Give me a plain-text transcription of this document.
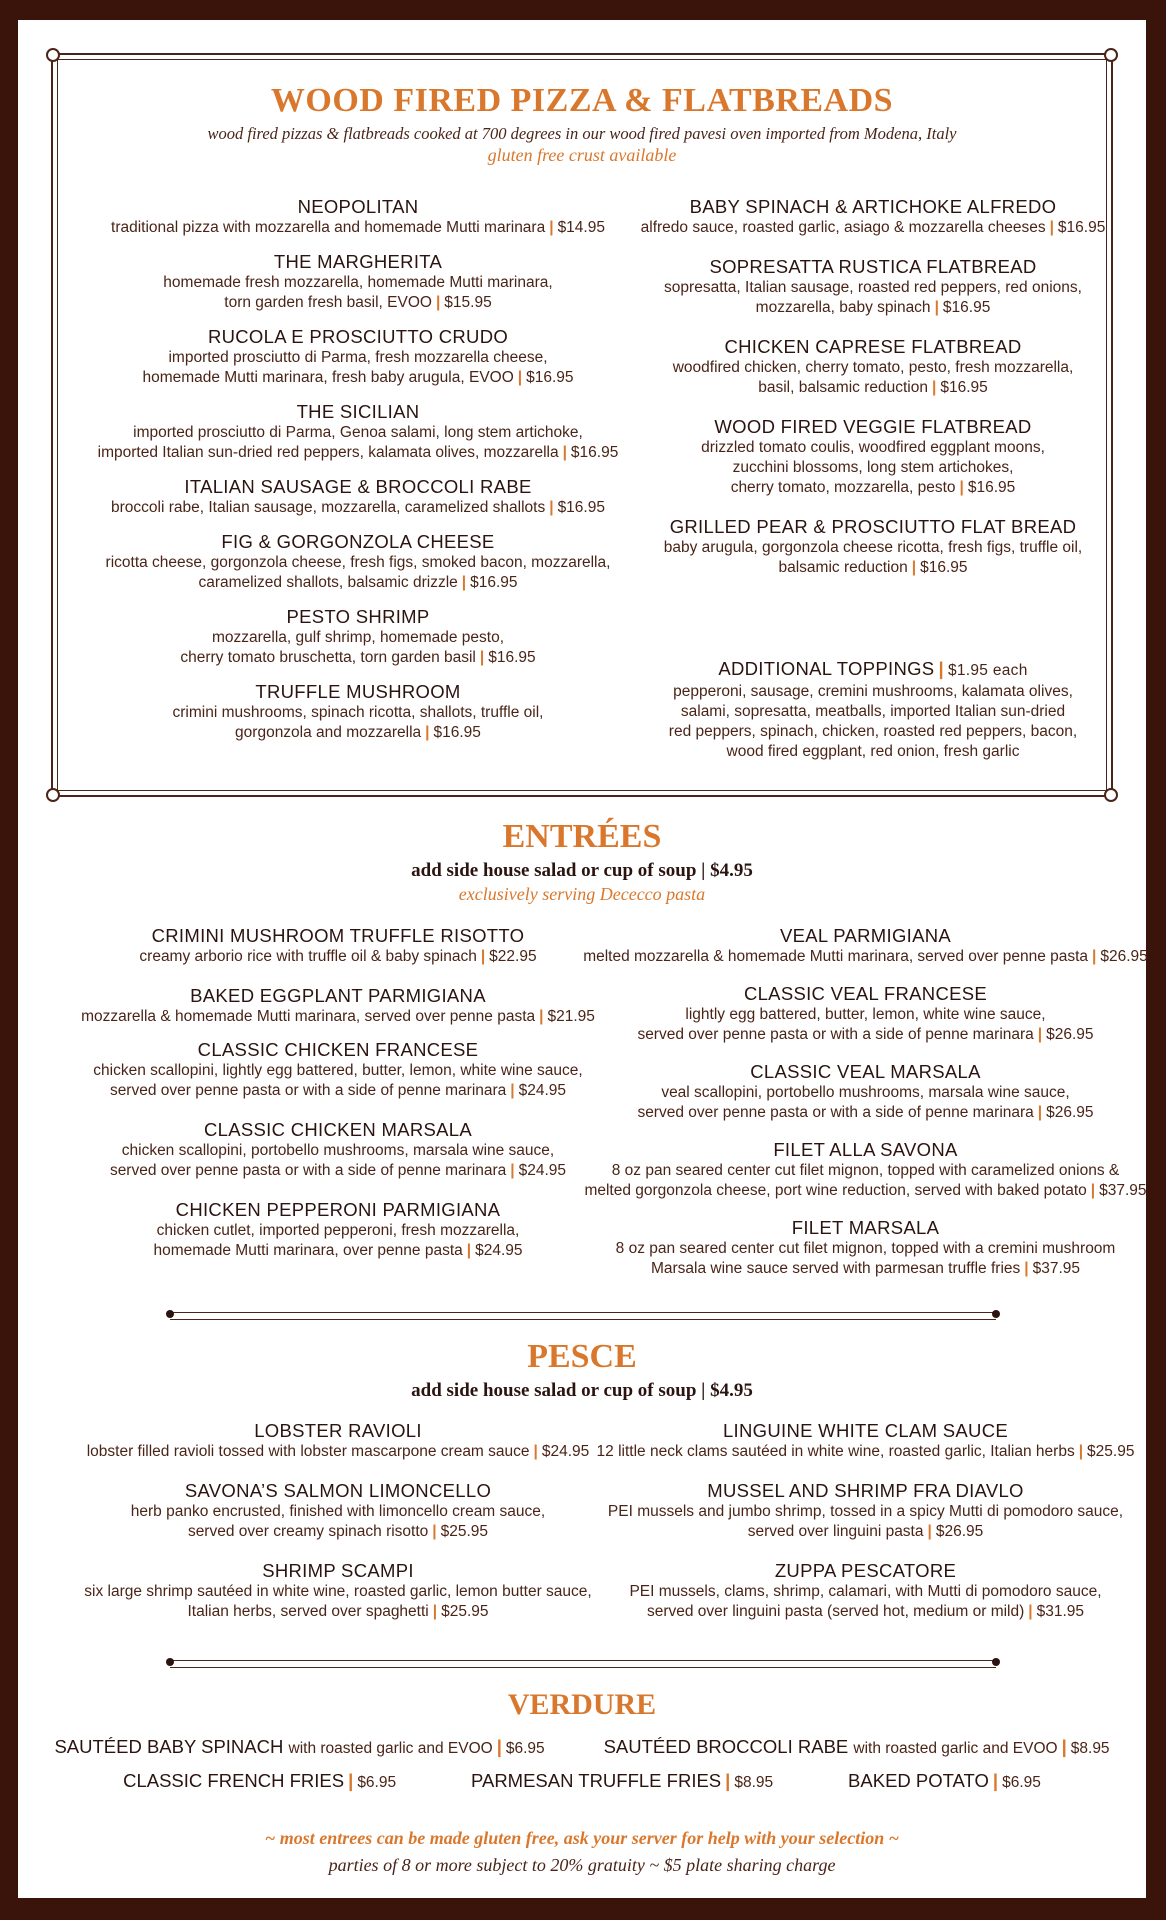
WOOD FIRED PIZZA & FLATBREADS
wood fired pizzas & flatbreads cooked at 700 degrees in our wood fired pavesi oven imported from Modena, Italy
gluten free crust available
NEOPOLITAN
traditional pizza with mozzarella and homemade Mutti marinara | $14.95
THE MARGHERITA
homemade fresh mozzarella, homemade Mutti marinara,
torn garden fresh basil, EVOO | $15.95
RUCOLA E PROSCIUTTO CRUDO
imported prosciutto di Parma, fresh mozzarella cheese,
homemade Mutti marinara, fresh baby arugula, EVOO | $16.95
THE SICILIAN
imported prosciutto di Parma, Genoa salami, long stem artichoke,
imported Italian sun-dried red peppers, kalamata olives, mozzarella | $16.95
ITALIAN SAUSAGE & BROCCOLI RABE
broccoli rabe, Italian sausage, mozzarella, caramelized shallots | $16.95
FIG & GORGONZOLA CHEESE
ricotta cheese, gorgonzola cheese, fresh figs, smoked bacon, mozzarella,
caramelized shallots, balsamic drizzle | $16.95
PESTO SHRIMP
mozzarella, gulf shrimp, homemade pesto,
cherry tomato bruschetta, torn garden basil | $16.95
TRUFFLE MUSHROOM
crimini mushrooms, spinach ricotta, shallots, truffle oil,
gorgonzola and mozzarella | $16.95
BABY SPINACH & ARTICHOKE ALFREDO
alfredo sauce, roasted garlic, asiago & mozzarella cheeses | $16.95
SOPRESATTA RUSTICA FLATBREAD
sopresatta, Italian sausage, roasted red peppers, red onions,
mozzarella, baby spinach | $16.95
CHICKEN CAPRESE FLATBREAD
woodfired chicken, cherry tomato, pesto, fresh mozzarella,
basil, balsamic reduction | $16.95
WOOD FIRED VEGGIE FLATBREAD
drizzled tomato coulis, woodfired eggplant moons,
zucchini blossoms, long stem artichokes,
cherry tomato, mozzarella, pesto | $16.95
GRILLED PEAR & PROSCIUTTO FLAT BREAD
baby arugula, gorgonzola cheese ricotta, fresh figs, truffle oil,
balsamic reduction | $16.95
ADDITIONAL TOPPINGS | $1.95 each
pepperoni, sausage, cremini mushrooms, kalamata olives,
salami, sopresatta, meatballs, imported Italian sun-dried
red peppers, spinach, chicken, roasted red peppers, bacon,
wood fired eggplant, red onion, fresh garlic
ENTRÉES
add side house salad or cup of soup | $4.95
exclusively serving Dececco pasta
CRIMINI MUSHROOM TRUFFLE RISOTTO
creamy arborio rice with truffle oil & baby spinach | $22.95
BAKED EGGPLANT PARMIGIANA
mozzarella & homemade Mutti marinara, served over penne pasta | $21.95
CLASSIC CHICKEN FRANCESE
chicken scallopini, lightly egg battered, butter, lemon, white wine sauce,
served over penne pasta or with a side of penne marinara | $24.95
CLASSIC CHICKEN MARSALA
chicken scallopini, portobello mushrooms, marsala wine sauce,
served over penne pasta or with a side of penne marinara | $24.95
CHICKEN PEPPERONI PARMIGIANA
chicken cutlet, imported pepperoni, fresh mozzarella,
homemade Mutti marinara, over penne pasta | $24.95
VEAL PARMIGIANA
melted mozzarella & homemade Mutti marinara, served over penne pasta | $26.95
CLASSIC VEAL FRANCESE
lightly egg battered, butter, lemon, white wine sauce,
served over penne pasta or with a side of penne marinara | $26.95
CLASSIC VEAL MARSALA
veal scallopini, portobello mushrooms, marsala wine sauce,
served over penne pasta or with a side of penne marinara | $26.95
FILET ALLA SAVONA
8 oz pan seared center cut filet mignon, topped with caramelized onions &
melted gorgonzola cheese, port wine reduction, served with baked potato | $37.95
FILET MARSALA
8 oz pan seared center cut filet mignon, topped with a cremini mushroom
Marsala wine sauce served with parmesan truffle fries | $37.95
PESCE
add side house salad or cup of soup | $4.95
LOBSTER RAVIOLI
lobster filled ravioli tossed with lobster mascarpone cream sauce | $24.95
SAVONA’S SALMON LIMONCELLO
herb panko encrusted, finished with limoncello cream sauce,
served over creamy spinach risotto | $25.95
SHRIMP SCAMPI
six large shrimp sautéed in white wine, roasted garlic, lemon butter sauce,
Italian herbs, served over spaghetti | $25.95
LINGUINE WHITE CLAM SAUCE
12 little neck clams sautéed in white wine, roasted garlic, Italian herbs | $25.95
MUSSEL AND SHRIMP FRA DIAVLO
PEI mussels and jumbo shrimp, tossed in a spicy Mutti di pomodoro sauce,
served over linguini pasta | $26.95
ZUPPA PESCATORE
PEI mussels, clams, shrimp, calamari, with Mutti di pomodoro sauce,
served over linguini pasta (served hot, medium or mild) | $31.95
VERDURE
SAUTÉED BABY SPINACH with roasted garlic and EVOO | $6.95	SAUTÉED BROCCOLI RABE with roasted garlic and EVOO | $8.95
CLASSIC FRENCH FRIES | $6.95	PARMESAN TRUFFLE FRIES | $8.95	BAKED POTATO | $6.95
~ most entrees can be made gluten free, ask your server for help with your selection ~
parties of 8 or more subject to 20% gratuity ~ $5 plate sharing charge
